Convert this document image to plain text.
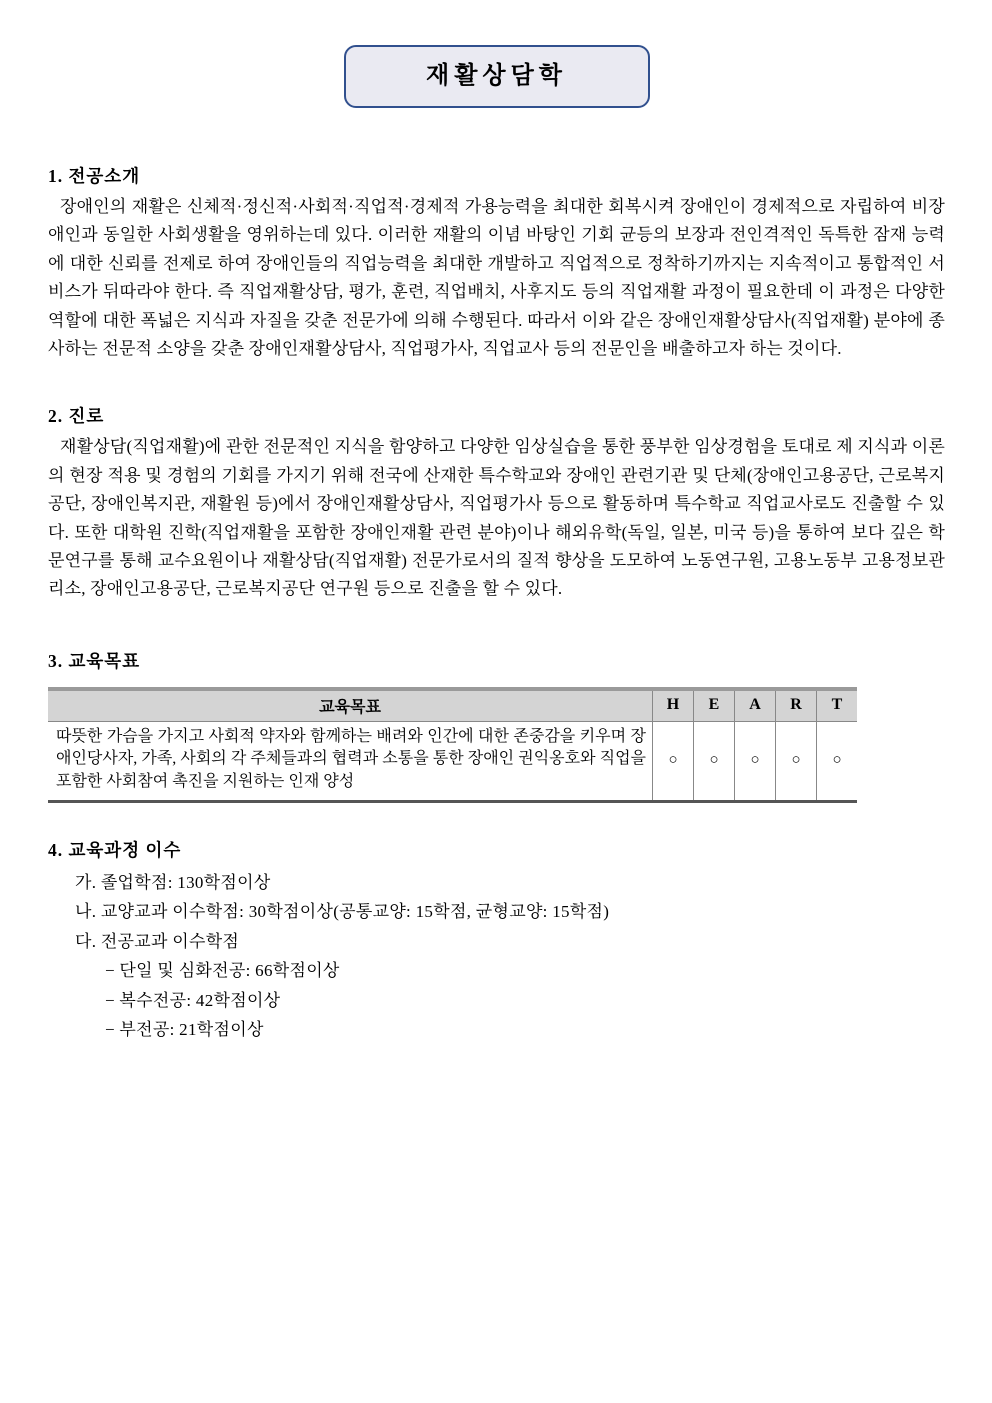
재활상담학
1. 전공소개

장애인의 재활은 신체적·정신적·사회적·직업적·경제적 가용능력을 최대한 회복시켜 장애인이 경제적으로 자립하여 비장애인과 동일한 사회생활을 영위하는데 있다. 이러한 재활의 이념 바탕인 기회 균등의 보장과 전인격적인 독특한 잠재 능력에 대한 신뢰를 전제로 하여 장애인들의 직업능력을 최대한 개발하고 직업적으로 정착하기까지는 지속적이고 통합적인 서비스가 뒤따라야 한다. 즉 직업재활상담, 평가, 훈련, 직업배치, 사후지도 등의 직업재활 과정이 필요한데 이 과정은 다양한 역할에 대한 폭넓은 지식과 자질을 갖춘 전문가에 의해 수행된다. 따라서 이와 같은 장애인재활상담사(직업재활) 분야에 종사하는 전문적 소양을 갖춘 장애인재활상담사, 직업평가사, 직업교사 등의 전문인을 배출하고자 하는 것이다.

2. 진로

재활상담(직업재활)에 관한 전문적인 지식을 함양하고 다양한 임상실습을 통한 풍부한 임상경험을 토대로 제 지식과 이론의 현장 적용 및 경험의 기회를 가지기 위해 전국에 산재한 특수학교와 장애인 관련기관 및 단체(장애인고용공단, 근로복지공단, 장애인복지관, 재활원 등)에서 장애인재활상담사, 직업평가사 등으로 활동하며 특수학교 직업교사로도 진출할 수 있다. 또한 대학원 진학(직업재활을 포함한 장애인재활 관련 분야)이나 해외유학(독일, 일본, 미국 등)을 통하여 보다 깊은 학문연구를 통해 교수요원이나 재활상담(직업재활) 전문가로서의 질적 향상을 도모하여 노동연구원, 고용노동부 고용정보관리소, 장애인고용공단, 근로복지공단 연구원 등으로 진출을 할 수 있다.

3. 교육목표
교육목표	H	E	A	R	T
따뜻한 가슴을 가지고 사회적 약자와 함께하는 배려와 인간에 대한 존중감을 키우며 장애인당사자, 가족, 사회의 각 주체들과의 협력과 소통을 통한 장애인 권익옹호와 직업을 포함한 사회참여 촉진을 지원하는 인재 양성	○	○	○	○	○
4. 교육과정 이수
가. 졸업학점: 130학점이상
나. 교양교과 이수학점: 30학점이상(공통교양: 15학점, 균형교양: 15학점)
다. 전공교과 이수학점
− 단일 및 심화전공: 66학점이상
− 복수전공: 42학점이상
− 부전공: 21학점이상
